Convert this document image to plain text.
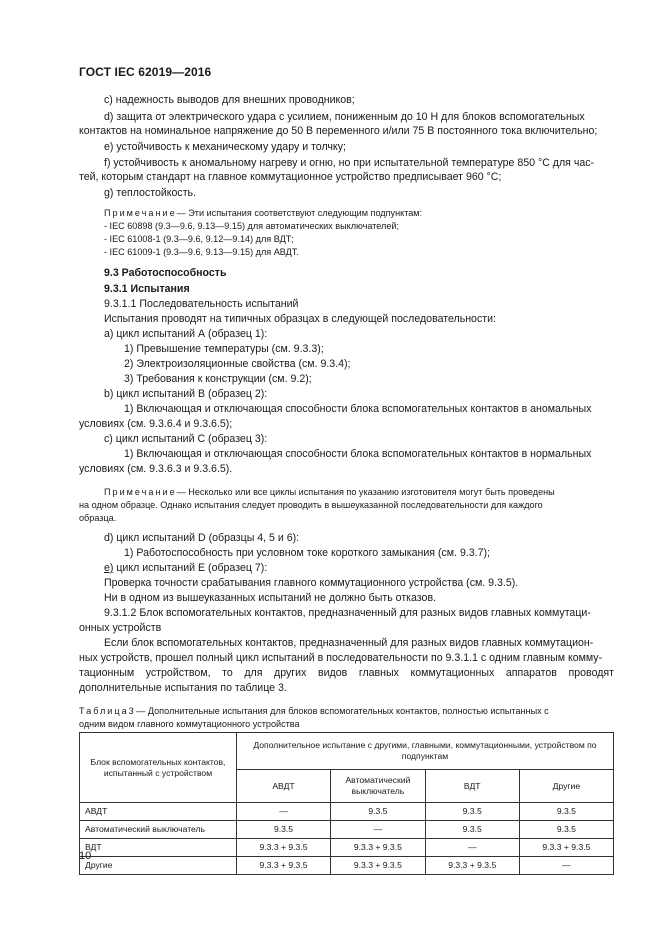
ГОСТ IEC 62019—2016
c) надежность выводов для внешних проводников;
d) защита от электрического удара с усилием, пониженным до 10 Н для блоков вспомогательных
контактов на номинальное напряжение до 50 В переменного и/или 75 В постоянного тока включительно;
e) устойчивость к механическому удару и толчку;
f) устойчивость к аномальному нагреву и огню, но при испытательной температуре 850 °С для час-
тей, которым стандарт на главное коммутационное устройство предписывает 960 °С;
g) теплостойкость.
Примечание— Эти испытания соответствуют следующим подпунктам:
- IEC 60898 (9.3—9.6, 9.13—9.15) для автоматических выключателей;
- IEC 61008-1 (9.3—9.6, 9.12—9.14) для ВДТ;
- IEC 61009-1 (9.3—9.6, 9.13—9.15) для АВДТ.
9.3 Работоспособность
9.3.1 Испытания
9.3.1.1 Последовательность испытаний
Испытания проводят на типичных образцах в следующей последовательности:
a) цикл испытаний А (образец 1):
1) Превышение температуры (см. 9.3.3);
2) Электроизоляционные свойства (см. 9.3.4);
3) Требования к конструкции (см. 9.2);
b) цикл испытаний В (образец 2):
1) Включающая и отключающая способности блока вспомогательных контактов в аномальных
условиях (см. 9.3.6.4 и 9.3.6.5);
c) цикл испытаний С (образец 3):
1) Включающая и отключающая способности блока вспомогательных контактов в нормальных
условиях (см. 9.3.6.3 и 9.3.6.5).
Примечание— Несколько или все циклы испытания по указанию изготовителя могут быть проведены
на одном образце. Однако испытания следует проводить в вышеуказанной последовательности для каждого
образца.
d) цикл испытаний D (образцы 4, 5 и 6):
1) Работоспособность при условном токе короткого замыкания (см. 9.3.7);
е) цикл испытаний Е (образец 7):
Проверка точности срабатывания главного коммутационного устройства (см. 9.3.5).
Ни в одном из вышеуказанных испытаний не должно быть отказов.
9.3.1.2 Блок вспомогательных контактов, предназначенный для разных видов главных коммутаци-
онных устройств
Если блок вспомогательных контактов, предназначенный для разных видов главных коммутацион-
ных устройств, прошел полный цикл испытаний в последовательности по 9.3.1.1 с одним главным комму-
тационным устройством, то для других видов главных коммутационных аппаратов проводят
дополнительные испытания по таблице 3.
Таблица3 — Дополнительные испытания для блоков вспомогательных контактов, полностью испытанных с
одним видом главного коммутационного устройства
Блок вспомогательных контактов, испытанный с устройством	Дополнительное испытание с другими, главными, коммутационными, устройством по подпунктам			
	АВДТ	Автоматический выключатель	ВДТ	Другие
АВДТ	—	9.3.5	9.3.5	9.3.5
Автоматический выключатель	9.3.5	—	9.3.5	9.3.5
ВДТ	9.3.3 + 9.3.5	9.3.3 + 9.3.5	—	9.3.3 + 9.3.5
Другие	9.3.3 + 9.3.5	9.3.3 + 9.3.5	9.3.3 + 9.3.5	—
10
